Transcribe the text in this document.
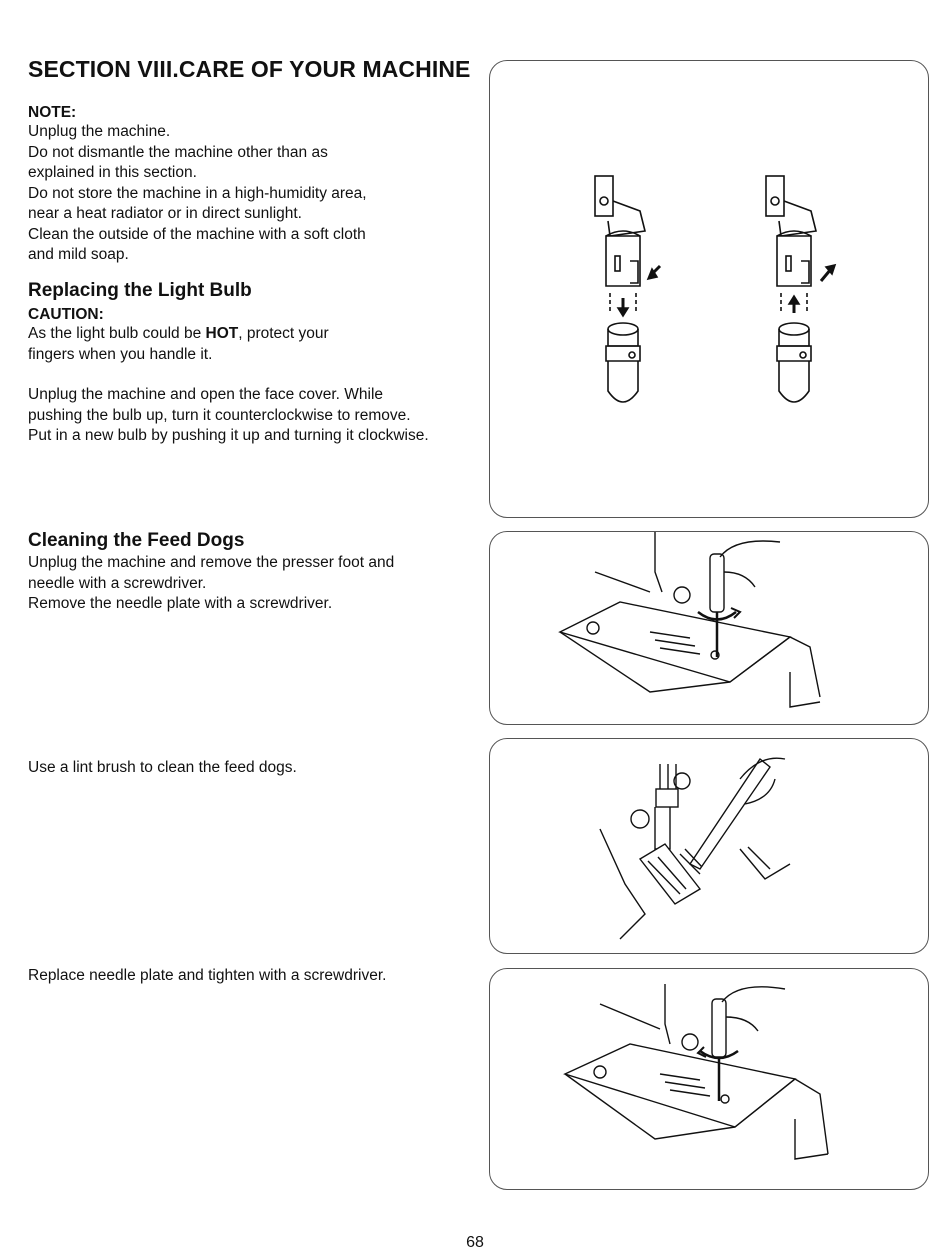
SECTION VIII.CARE OF YOUR MACHINE
NOTE:
Unplug the machine.
Do not dismantle the machine other than as
explained in this section.
Do not store the machine in a high-humidity area,
near a heat radiator or in direct sunlight.
Clean the outside of the machine with a soft cloth
and mild soap.
Replacing the Light Bulb
CAUTION:
As the light bulb could be HOT, protect your
fingers when you handle it.
Unplug the machine and open the face cover. While
pushing the bulb up, turn it counterclockwise to remove.
Put in a new bulb by pushing it up and turning it clockwise.
Cleaning the Feed Dogs
Unplug the machine and remove the presser foot and
needle with a screwdriver.
Remove the needle plate with a screwdriver.
Use a lint brush to clean the feed dogs.
Replace needle plate and tighten with a screwdriver.
68
